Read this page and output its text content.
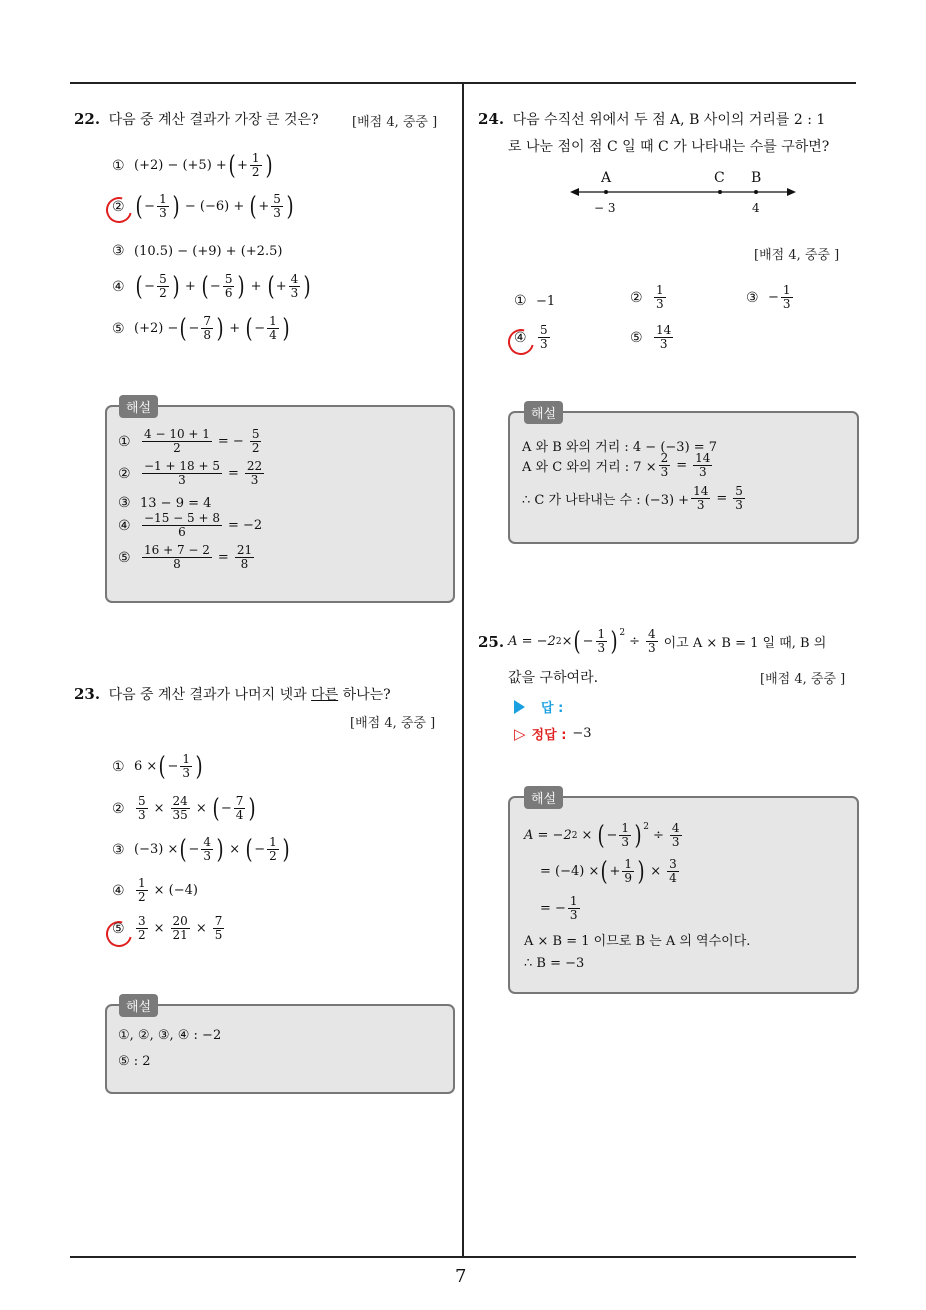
7
22. 다음 중 계산 결과가 가장 큰 것은?	[배점 4, 중중 ]
① (+2) − (+5) + ( + $\frac{1}{2}$ )
② ( − $\frac{1}{3}$ ) − (−6) + ( + $\frac{5}{3}$ )
③ (10.5) − (+9) + (+2.5)
④ ( − $\frac{5}{2}$ ) + ( − $\frac{5}{6}$ ) + ( + $\frac{4}{3}$ )
⑤ (+2) − ( − $\frac{7}{8}$ ) + ( − $\frac{1}{4}$ )
해설
① $\frac{4 - 10 + 1}{2}$ = − $\frac{5}{2}$
② $\frac{-1 + 18 + 5}{3} = \frac{22}{3}$
③ 13 − 9 = 4
④ $\frac{-15 - 5 + 8}{6} = -2$
⑤ $\frac{16 + 7 - 2}{8} = \frac{21}{8}$
23. 다음 중 계산 결과가 나머지 넷과 다른 하나는?
[배점 4, 중중 ]
① 6 × ( − $\frac{1}{3}$ )
② $\frac{5}{3} \times \frac{24}{35}$ × ( − $\frac{7}{4}$ )
③ (−3) × ( − $\frac{4}{3}$ ) × ( − $\frac{1}{2}$ )
④ $\frac{1}{2} \times (-4)$
⑤ $\frac{3}{2} \times \frac{20}{21} \times \frac{7}{5}$
해설
①, ②, ③, ④ : −2
⑤ : 2
24. 다음 수직선 위에서 두 점 A, B 사이의 거리를 2 : 1
로 나눈 점이 점 C 일 때 C 가 나타내는 수를 구하면?
A	C B
− 3	4
[배점 4, 중중 ]
① −1	② $\frac{1}{3}$	③ − $\frac{1}{3}$
④ $\frac{5}{3}$	⑤ $\frac{14}{3}$
해설
A 와 B 와의 거리 : 4 − (−3) = 7
A 와 C 와의 거리 : $7 \times \frac{2}{3} = \frac{14}{3}$
∴ C 가 나타내는 수 : $(-3) + \frac{14}{3} = \frac{5}{3}$
25. A = −2 2 × ( − $\frac{1}{3} )^2$
÷ $\frac{4}{3}$ 이고 A × B = 1 일 때, B 의
값을 구하여라.	[배점 4, 중중 ]
답 :
▷ 정답 : −3
해설
A = −2 2 × ( − $\frac{1}{3} )^2$
÷ $\frac{4}{3}$
= (−4) × ( + $\frac{1}{9}$ ) × $\frac{3}{4}$
= − $\frac{1}{3}$
A × B = 1 이므로 B 는 A 의 역수이다.
∴ B = −3
